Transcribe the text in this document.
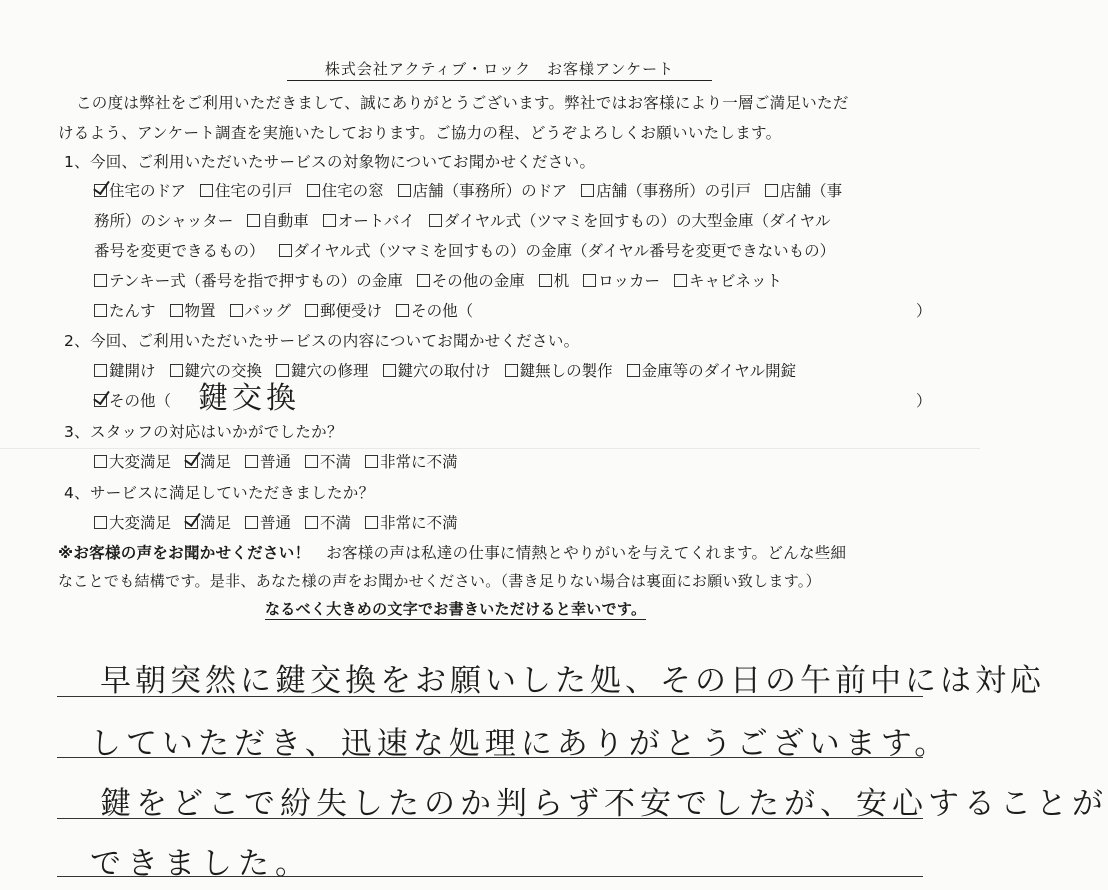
株式会社アクティブ・ロック　お客様アンケート
この度は弊社をご利用いただきまして、誠にありがとうございます。弊社ではお客様により一層ご満足いただ
けるよう、アンケート調査を実施いたしております。ご協力の程、どうぞよろしくお願いいたします。
1、今回、ご利用いただいたサービスの対象物についてお聞かせください。
住宅のドア 住宅の引戸 住宅の窓 店舗（事務所）のドア 店舗（事務所）の引戸 店舗（事
務所）のシャッター 自動車 オートバイ ダイヤル式（ツマミを回すもの）の大型金庫（ダイヤル
番号を変更できるもの） ダイヤル式（ツマミを回すもの）の金庫（ダイヤル番号を変更できないもの）
テンキー式（番号を指で押すもの）の金庫 その他の金庫 机 ロッカー キャビネット
たんす 物置 バッグ 郵便受け その他（	）
2、今回、ご利用いただいたサービスの内容についてお聞かせください。
鍵開け 鍵穴の交換 鍵穴の修理 鍵穴の取付け 鍵無しの製作 金庫等のダイヤル開錠
その他（ 鍵交換	）
3、スタッフの対応はいかがでしたか？
大変満足 満足 普通 不満 非常に不満
4、サービスに満足していただきましたか？
大変満足 満足 普通 不満 非常に不満
※お客様の声をお聞かせください！　 お客様の声は私達の仕事に情熱とやりがいを与えてくれます。どんな些細
なことでも結構です。是非、あなた様の声をお聞かせください。（書き足りない場合は裏面にお願い致します。）
なるべく大きめの文字でお書きいただけると幸いです。
早朝突然に鍵交換をお願いした処、その日の午前中には対応
していただき、迅速な処理にありがとうございます。
鍵をどこで紛失したのか判らず不安でしたが、安心することが
できました。
